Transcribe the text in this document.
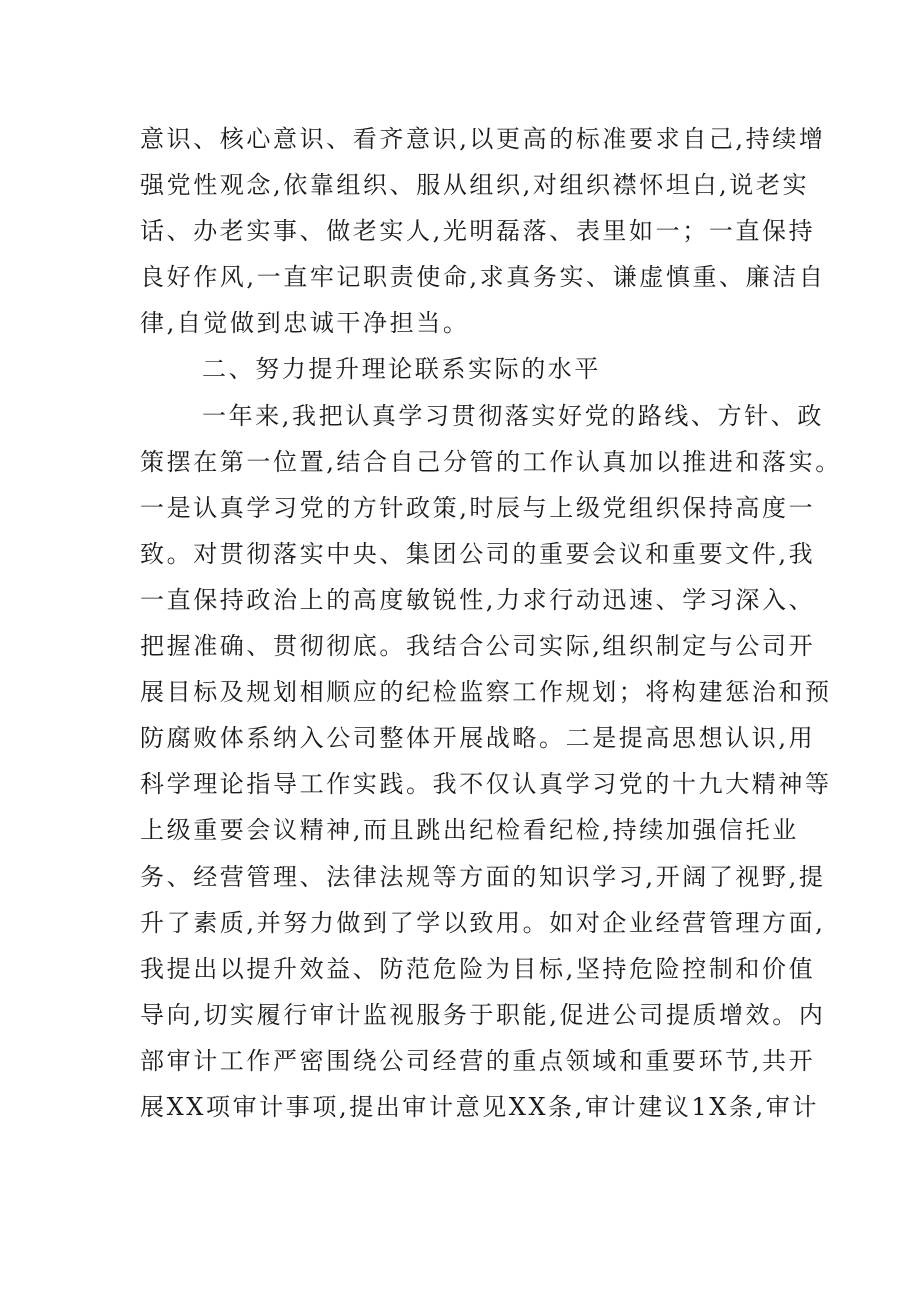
意识、核心意识、看齐意识,以更高的标准要求自己,持续增
强党性观念,依靠组织、服从组织,对组织襟怀坦白,说老实
话、办老实事、做老实人,光明磊落、表里如一；一直保持
良好作风,一直牢记职责使命,求真务实、谦虚慎重、廉洁自
律,自觉做到忠诚干净担当。
二、努力提升理论联系实际的水平
一年来,我把认真学习贯彻落实好党的路线、方针、政
策摆在第一位置,结合自己分管的工作认真加以推进和落实。
一是认真学习党的方针政策,时辰与上级党组织保持高度一
致。对贯彻落实中央、集团公司的重要会议和重要文件,我
一直保持政治上的高度敏锐性,力求行动迅速、学习深入、
把握准确、贯彻彻底。我结合公司实际,组织制定与公司开
展目标及规划相顺应的纪检监察工作规划；将构建惩治和预
防腐败体系纳入公司整体开展战略。二是提高思想认识,用
科学理论指导工作实践。我不仅认真学习党的十九大精神等
上级重要会议精神,而且跳出纪检看纪检,持续加强信托业
务、经营管理、法律法规等方面的知识学习,开阔了视野,提
升了素质,并努力做到了学以致用。如对企业经营管理方面,
我提出以提升效益、防范危险为目标,坚持危险控制和价值
导向,切实履行审计监视服务于职能,促进公司提质增效。内
部审计工作严密围绕公司经营的重点领域和重要环节,共开
展XX项审计事项,提出审计意见XX条,审计建议1X条,审计
